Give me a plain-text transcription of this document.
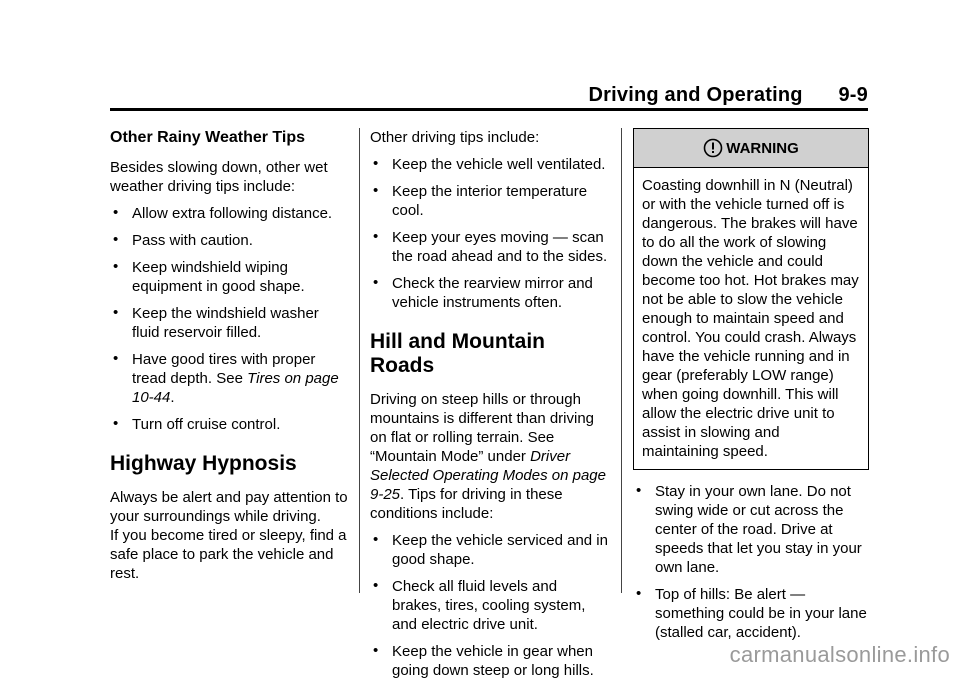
Driving and Operating 9-9
Other Rainy Weather Tips

Besides slowing down, other wet weather driving tips include:

• Allow extra following distance.
• Pass with caution.
• Keep windshield wiping equipment in good shape.
• Keep the windshield washer fluid reservoir filled.
• Have good tires with proper tread depth. See Tires on page 10-44.
• Turn off cruise control.
Highway Hypnosis

Always be alert and pay attention to your surroundings while driving.

If you become tired or sleepy, find a safe place to park the vehicle and rest.

Other driving tips include:

• Keep the vehicle well ventilated.
• Keep the interior temperature cool.
• Keep your eyes moving — scan the road ahead and to the sides.
• Check the rearview mirror and vehicle instruments often.
Hill and Mountain Roads

Driving on steep hills or through mountains is different than driving on flat or rolling terrain. See “Mountain Mode” under Driver Selected Operating Modes on page 9-25. Tips for driving in these conditions include:

• Keep the vehicle serviced and in good shape.
• Check all fluid levels and brakes, tires, cooling system, and electric drive unit.
• Keep the vehicle in gear when going down steep or long hills.
WARNING
Coasting downhill in N (Neutral) or with the vehicle turned off is dangerous. The brakes will have to do all the work of slowing down the vehicle and could become too hot. Hot brakes may not be able to slow the vehicle enough to maintain speed and control. You could crash. Always have the vehicle running and in gear (preferably LOW range) when going downhill. This will allow the electric drive unit to assist in slowing and maintaining speed.
• Stay in your own lane. Do not swing wide or cut across the center of the road. Drive at speeds that let you stay in your own lane.
• Top of hills: Be alert — something could be in your lane (stalled car, accident).
carmanualsonline.info
